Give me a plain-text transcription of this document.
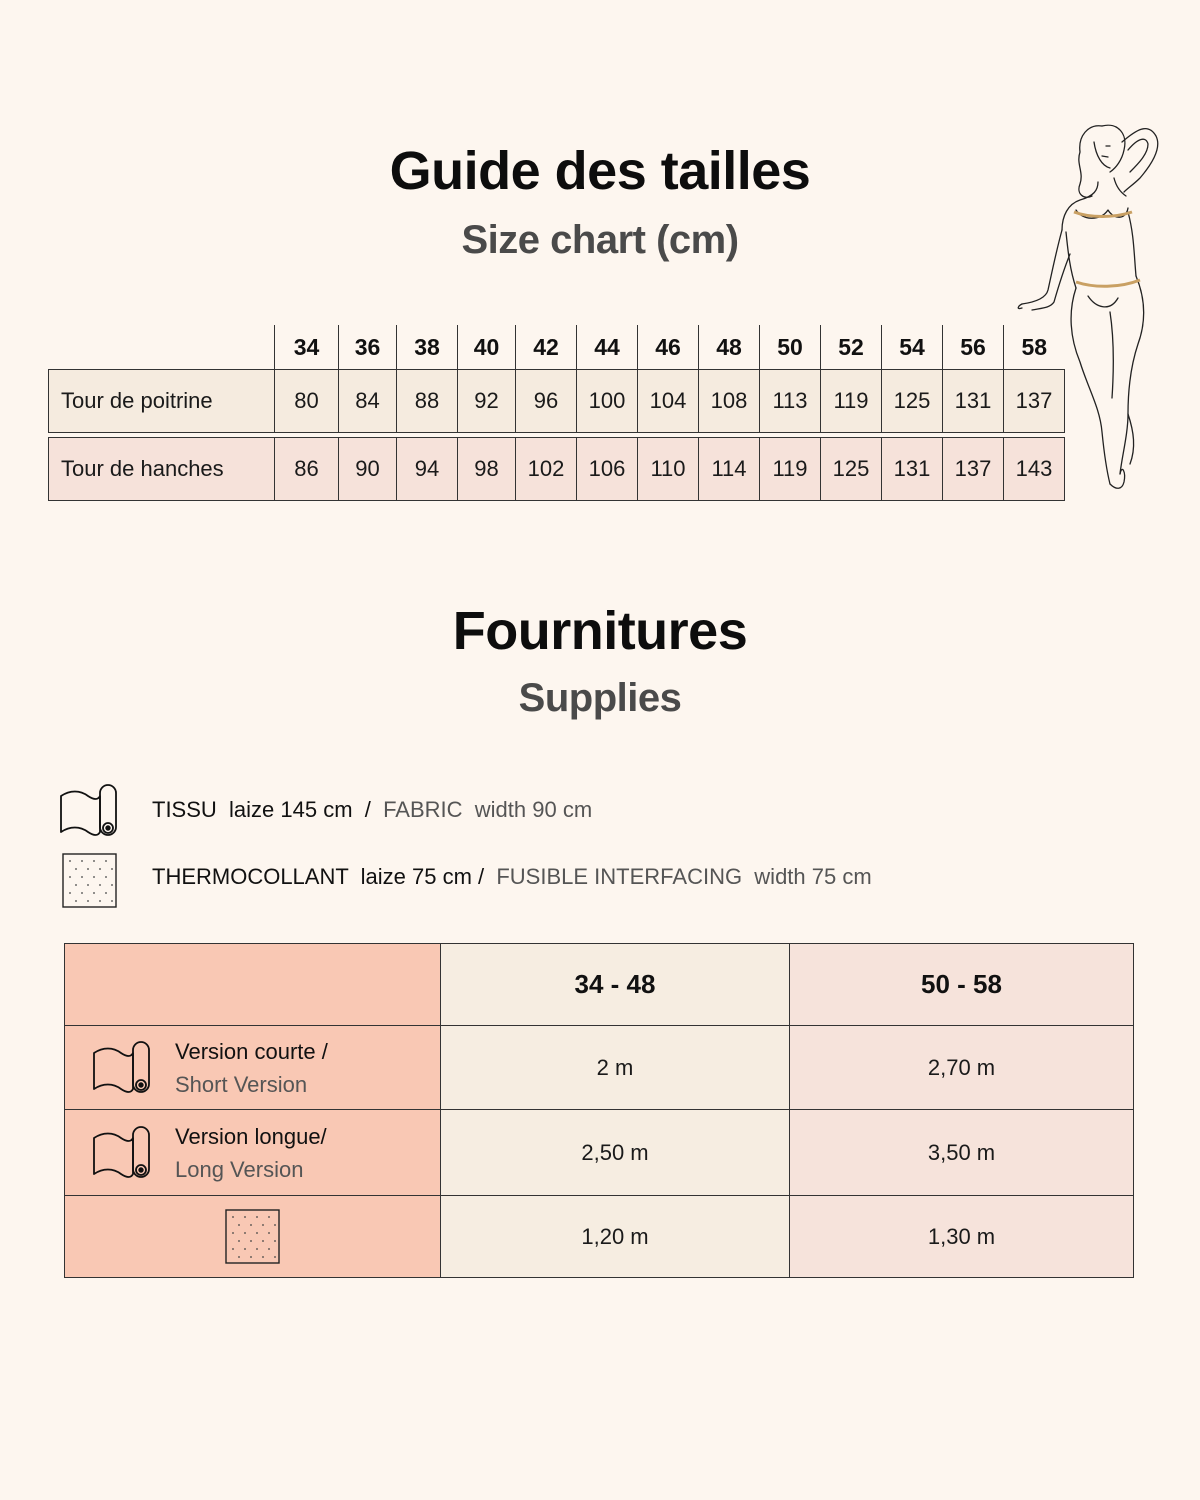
Guide des tailles
Size chart (cm)
	34	36	38	40	42	44	46	48	50	52	54	56	58
Tour de poitrine	80	84	88	92	96	100	104	108	113	119	125	131	137

Tour de hanches	86	90	94	98	102	106	110	114	119	125	131	137	143
Fournitures
Supplies
TISSU  laize 145 cm  /  FABRIC  width 90 cm
THERMOCOLLANT  laize 75 cm /  FUSIBLE INTERFACING  width 75 cm
	34 - 48	50 - 58

Version courte /
Short Version	2 m	2,70 m

Version longue/
Long Version	2,50 m	3,50 m

	1,20 m	1,30 m
